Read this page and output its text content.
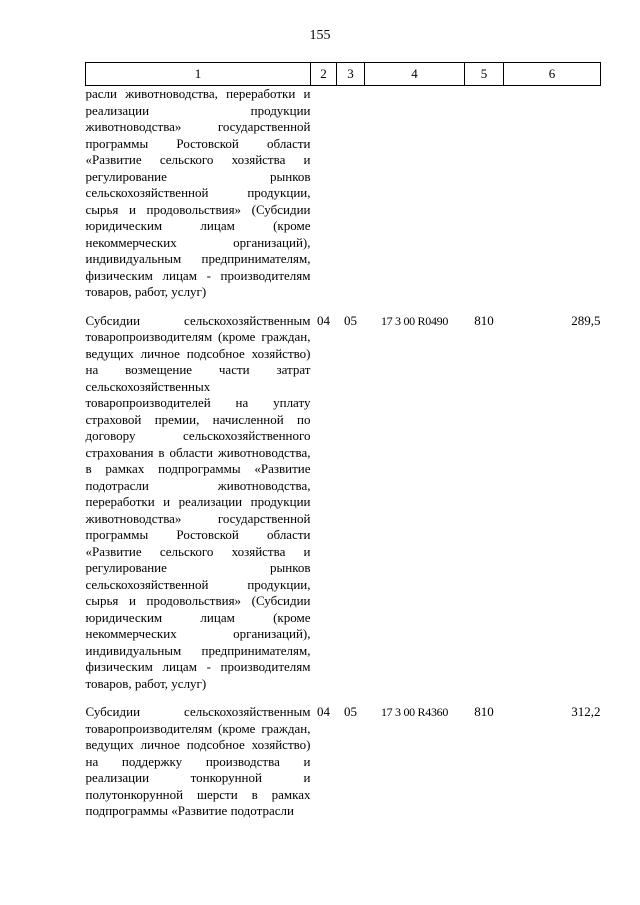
155
1	2	3	4	5	6
расли животноводства, переработки и реализации продукции животноводства» государственной программы Ростовской области «Развитие сельского хозяйства и регулирование рынков сельскохозяйственной продукции, сырья и продовольствия» (Субсидии юридическим лицам (кроме некоммерческих организаций), индивидуальным предпринимателям, физическим лицам - производителям товаров, работ, услуг)					

Субсидии сельскохозяйственным товаропроизводителям (кроме граждан, ведущих личное подсобное хозяйство) на возмещение части затрат сельскохозяйственных товаропроизводителей на уплату страховой премии, начисленной по договору сельскохозяйственного страхования в области животноводства, в рамках подпрограммы «Развитие подотрасли животноводства, переработки и реализации продукции животноводства» государственной программы Ростовской области «Развитие сельского хозяйства и регулирование рынков сельскохозяйственной продукции, сырья и продовольствия» (Субсидии юридическим лицам (кроме некоммерческих организаций), индивидуальным предпринимателям, физическим лицам - производителям товаров, работ, услуг)	04	05	17 3 00 R0490	810	289,5

Субсидии сельскохозяйственным товаропроизводителям (кроме граждан, ведущих личное подсобное хозяйство) на поддержку производства и реализации тонкорунной и полутонкорунной шерсти в рамках подпрограммы «Развитие подотрасли	04	05	17 3 00 R4360	810	312,2
